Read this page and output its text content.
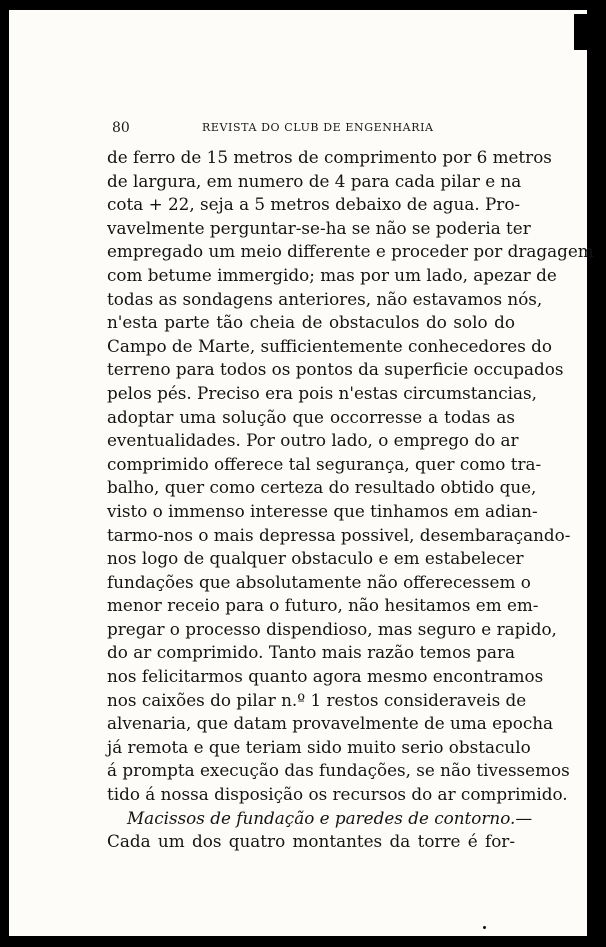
80	REVISTA DO CLUB DE ENGENHARIA
de ferro de 15 metros de comprimento por 6 metros
de largura, em numero de 4 para cada pilar e na
cota + 22, seja a 5 metros debaixo de agua. Pro-
vavelmente perguntar-se-ha se não se poderia ter
empregado um meio differente e proceder por dragagem
com betume immergido; mas por um lado, apezar de
todas as sondagens anteriores, não estavamos nós,
n'esta parte tão cheia de obstaculos do solo do
Campo de Marte, sufficientemente conhecedores do
terreno para todos os pontos da superficie occupados
pelos pés. Preciso era pois n'estas circumstancias,
adoptar uma solução que occorresse a todas as
eventualidades. Por outro lado, o emprego do ar
comprimido offerece tal segurança, quer como tra-
balho, quer como certeza do resultado obtido que,
visto o immenso interesse que tinhamos em adian-
tarmo-nos o mais depressa possivel, desembaraçando-
nos logo de qualquer obstaculo e em estabelecer
fundações que absolutamente não offerecessem o
menor receio para o futuro, não hesitamos em em-
pregar o processo dispendioso, mas seguro e rapido,
do ar comprimido. Tanto mais razão temos para
nos felicitarmos quanto agora mesmo encontramos
nos caixões do pilar n.º 1 restos consideraveis de
alvenaria, que datam provavelmente de uma epocha
já remota e que teriam sido muito serio obstaculo
á prompta execução das fundações, se não tivessemos
tido á nossa disposição os recursos do ar comprimido.
Macissos de fundação e paredes de contorno.—
Cada um dos quatro montantes da torre é for-
